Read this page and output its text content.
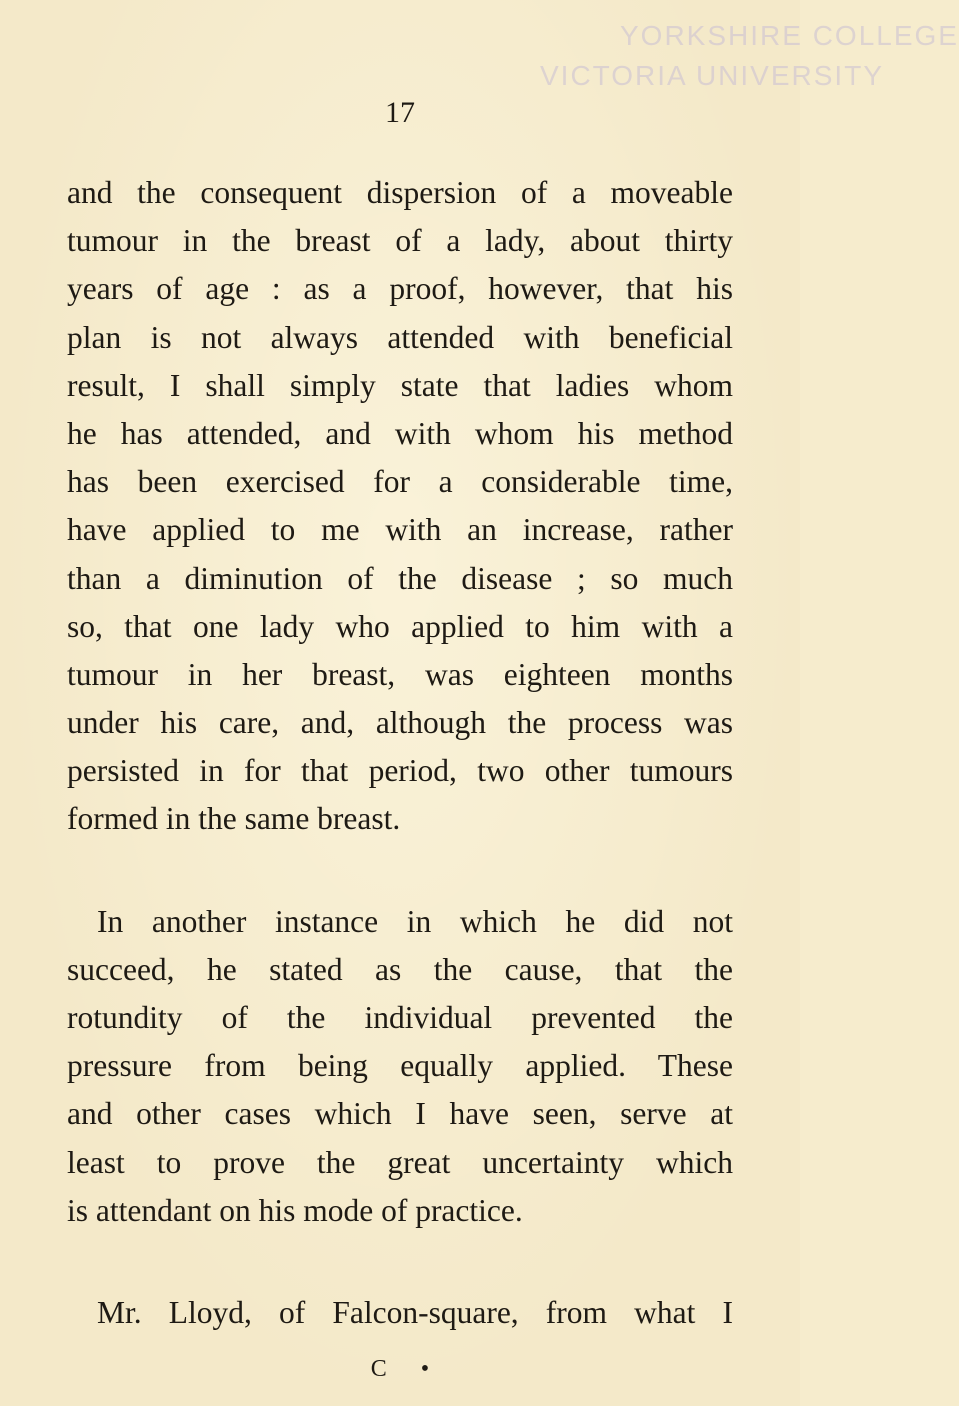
YORKSHIRE COLLEGE
VICTORIA UNIVERSITY
17
and the consequent dispersion of a moveable
tumour in the breast of a lady, about thirty
years of age : as a proof, however, that his
plan is not always attended with beneficial
result, I shall simply state that ladies whom
he has attended, and with whom his method
has been exercised for a considerable time,
have applied to me with an increase, rather
than a diminution of the disease ; so much
so, that one lady who applied to him with a
tumour in her breast, was eighteen months
under his care, and, although the process was
persisted in for that period, two other tumours
formed in the same breast.
In another instance in which he did not
succeed, he stated as the cause, that the
rotundity of the individual prevented the
pressure from being equally applied. These
and other cases which I have seen, serve at
least to prove the great uncertainty which
is attendant on his mode of practice.
Mr. Lloyd, of Falcon-square, from what I
C •
